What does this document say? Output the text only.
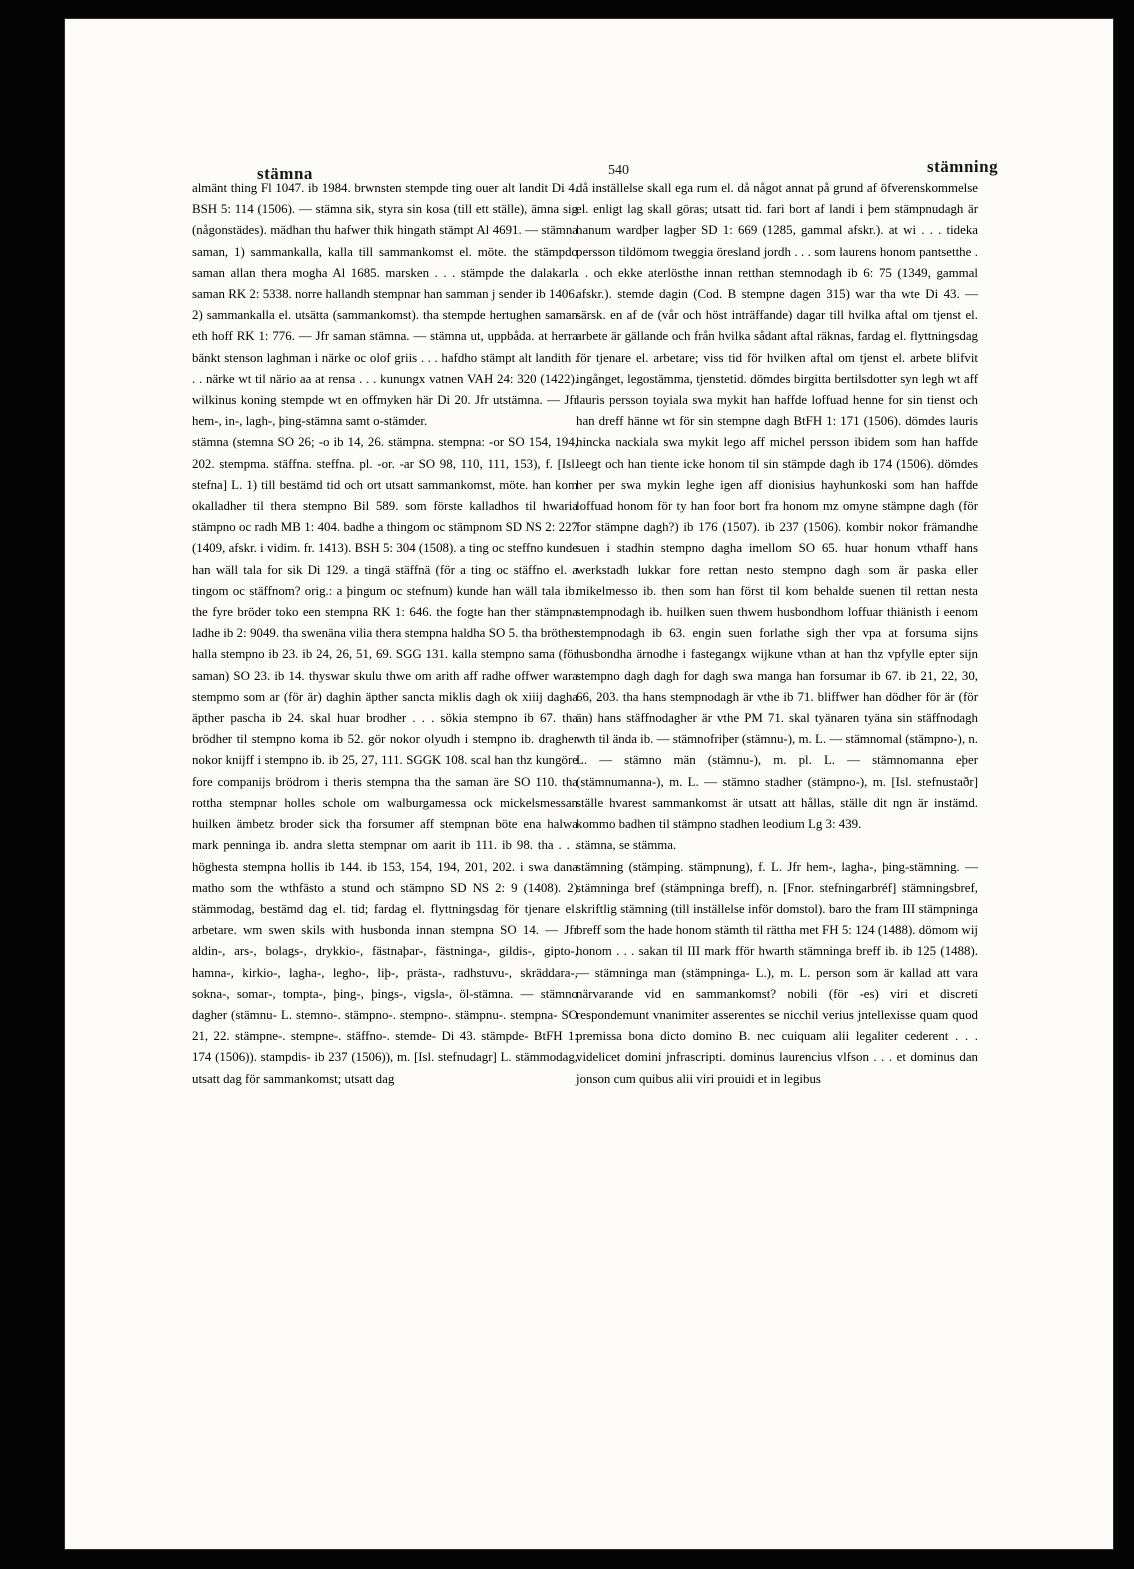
stämna	540	stämning

almänt thing Fl 1047. ib 1984. brwnsten stempde ting ouer alt landit Di 4. BSH 5: 114 (1506). — stämna sik, styra sin kosa (till ett ställe), ämna sig (någonstädes). mädhan thu hafwer thik hingath stämpt Al 4691. — stämna saman, 1) sammankalla, kalla till sammankomst el. möte. the stämpdo saman allan thera mogha Al 1685. marsken . . . stämpde the dalakarla saman RK 2: 5338. norre hallandh stempnar han samman j sender ib 1406. 2) sammankalla el. utsätta (sammankomst). tha stempde hertughen saman eth hoff RK 1: 776. — Jfr saman stämna. — stämna ut, uppbåda. at herra bänkt stenson laghman i närke oc olof griis . . . hafdho stämpt alt landith . . . närke wt til närio aa at rensa . . . kunungx vatnen VAH 24: 320 (1422). wilkinus koning stempde wt en offmyken här Di 20. Jfr utstämna. — Jfr hem-, in-, lagh-, þing-stämna samt o-stämder.

stämna (stemna SO 26; -o ib 14, 26. stämpna. stempna: -or SO 154, 194, 202. stempma. stäffna. steffna. pl. -or. -ar SO 98, 110, 111, 153), f. [Isl. stefna] L. 1) till bestämd tid och ort utsatt sammankomst, möte. han kom okalladher til thera stempno Bil 589. som förste kalladhos til hwaria stämpno oc radh MB 1: 404. badhe a thingom oc stämpnom SD NS 2: 227 (1409, afskr. i vidim. fr. 1413). BSH 5: 304 (1508). a ting oc steffno kunde han wäll tala for sik Di 129. a tingä stäffnä (för a ting oc stäffno el. a tingom oc stäffnom? orig.: a þingum oc stefnum) kunde han wäll tala ib. the fyre bröder toko een stempna RK 1: 646. the fogte han ther stämpna ladhe ib 2: 9049. tha swenäna vilia thera stempna haldha SO 5. tha bröther halla stempno ib 23. ib 24, 26, 51, 69. SGG 131. kalla stempno sama (för saman) SO 23. ib 14. thyswar skulu thwe om arith aff radhe offwer wara stempmo som ar (för är) daghin äpther sancta miklis dagh ok xiiij dagha äpther pascha ib 24. skal huar brodher . . . sökia stempno ib 67. tha brödher til stempno koma ib 52. gör nokor olyudh i stempno ib. dragher nokor knijff i stempno ib. ib 25, 27, 111. SGGK 108. scal han thz kungöre fore companijs brödrom i theris stempna tha the saman äre SO 110. tha rottha stempnar holles schole om walburgamessa ock mickelsmessan huilken ämbetz broder sick tha forsumer aff stempnan böte ena halwa mark penninga ib. andra sletta stempnar om aarit ib 111. ib 98. tha . . . höghesta stempna hollis ib 144. ib 153, 154, 194, 201, 202. i swa dana matho som the wthfästo a stund och stämpno SD NS 2: 9 (1408). 2) stämmodag, bestämd dag el. tid; fardag el. flyttningsdag för tjenare el. arbetare. wm swen skils with husbonda innan stempna SO 14. — Jfr aldin-, ars-, bolags-, drykkio-, fästnaþar-, fästninga-, gildis-, gipto-, hamna-, kirkio-, lagha-, legho-, liþ-, prästa-, radhstuvu-, skräddara-, sokna-, somar-, tompta-, þing-, þings-, vigsla-, öl-stämna. — stämno dagher (stämnu- L. stemno-. stämpno-. stempno-. stämpnu-. stempna- SO 21, 22. stämpne-. stempne-. stäffno-. stemde- Di 43. stämpde- BtFH 1: 174 (1506)). stampdis- ib 237 (1506)), m. [Isl. stefnudagr] L. stämmodag, utsatt dag för sammankomst; utsatt dag

då inställelse skall ega rum el. då något annat på grund af öfverenskommelse el. enligt lag skall göras; utsatt tid. fari bort af landi i þem stämpnudagh är hanum wardþer lagþer SD 1: 669 (1285, gammal afskr.). at wi . . . tideka persson tildömom tweggia öresland jordh . . . som laurens honom pantsetthe . . . och ekke aterlösthe innan retthan stemnodagh ib 6: 75 (1349, gammal afskr.). stemde dagin (Cod. B stempne dagen 315) war tha wte Di 43. — särsk. en af de (vår och höst inträffande) dagar till hvilka aftal om tjenst el. arbete är gällande och från hvilka sådant aftal räknas, fardag el. flyttningsdag för tjenare el. arbetare; viss tid för hvilken aftal om tjenst el. arbete blifvit ingånget, legostämma, tjenstetid. dömdes birgitta bertilsdotter syn legh wt aff lauris persson toyiala swa mykit han haffde loffuad henne for sin tienst och han dreff hänne wt för sin stempne dagh BtFH 1: 171 (1506). dömdes lauris hincka nackiala swa mykit lego aff michel persson ibidem som han haffde leegt och han tiente icke honom til sin stämpde dagh ib 174 (1506). dömdes her per swa mykin leghe igen aff dionisius hayhunkoski som han haffde loffuad honom för ty han foor bort fra honom mz omyne stämpne dagh (för for stämpne dagh?) ib 176 (1507). ib 237 (1506). kombir nokor främandhe suen i stadhin stempno dagha imellom SO 65. huar honum vthaff hans werkstadh lukkar fore rettan nesto stempno dagh som är paska eller mikelmesso ib. then som han först til kom behalde suenen til rettan nesta stempnodagh ib. huilken suen thwem husbondhom loffuar thiänisth i eenom stempnodagh ib 63. engin suen forlathe sigh ther vpa at forsuma sijns husbondha ärnodhe i fastegangx wijkune vthan at han thz vpfylle epter sijn stempno dagh dagh for dagh swa manga han forsumar ib 67. ib 21, 22, 30, 66, 203. tha hans stempnodagh är vthe ib 71. bliffwer han dödher för är (för än) hans stäffnodagher är vthe PM 71. skal tyänaren tyäna sin stäffnodagh wth til ända ib. — stämnofriþer (stämnu-), m. L. — stämnomal (stämpno-), n. L. — stämno män (stämnu-), m. pl. L. — stämnomanna eþer (stämnumanna-), m. L. — stämno stadher (stämpno-), m. [Isl. stefnustaðr] ställe hvarest sammankomst är utsatt att hållas, ställe dit ngn är instämd. kommo badhen til stämpno stadhen leodium Lg 3: 439.

stämna, se stämma.

stämning (stämping. stämpnung), f. L. Jfr hem-, lagha-, þing-stämning. — stämninga bref (stämpninga breff), n. [Fnor. stefningarbréf] stämningsbref, skriftlig stämning (till inställelse inför domstol). baro the fram III stämpninga breff som the hade honom stämth til rättha met FH 5: 124 (1488). dömom wij honom . . . sakan til III mark fför hwarth stämninga breff ib. ib 125 (1488). — stämninga man (stämpninga- L.), m. L. person som är kallad att vara närvarande vid en sammankomst? nobili (för -es) viri et discreti respondemunt vnanimiter asserentes se nicchil verius jntellexisse quam quod premissa bona dicto domino B. nec cuiquam alii legaliter cederent . . . videlicet domini jnfrascripti. dominus laurencius vlfson . . . et dominus dan jonson cum quibus alii viri prouidi et in legibus
